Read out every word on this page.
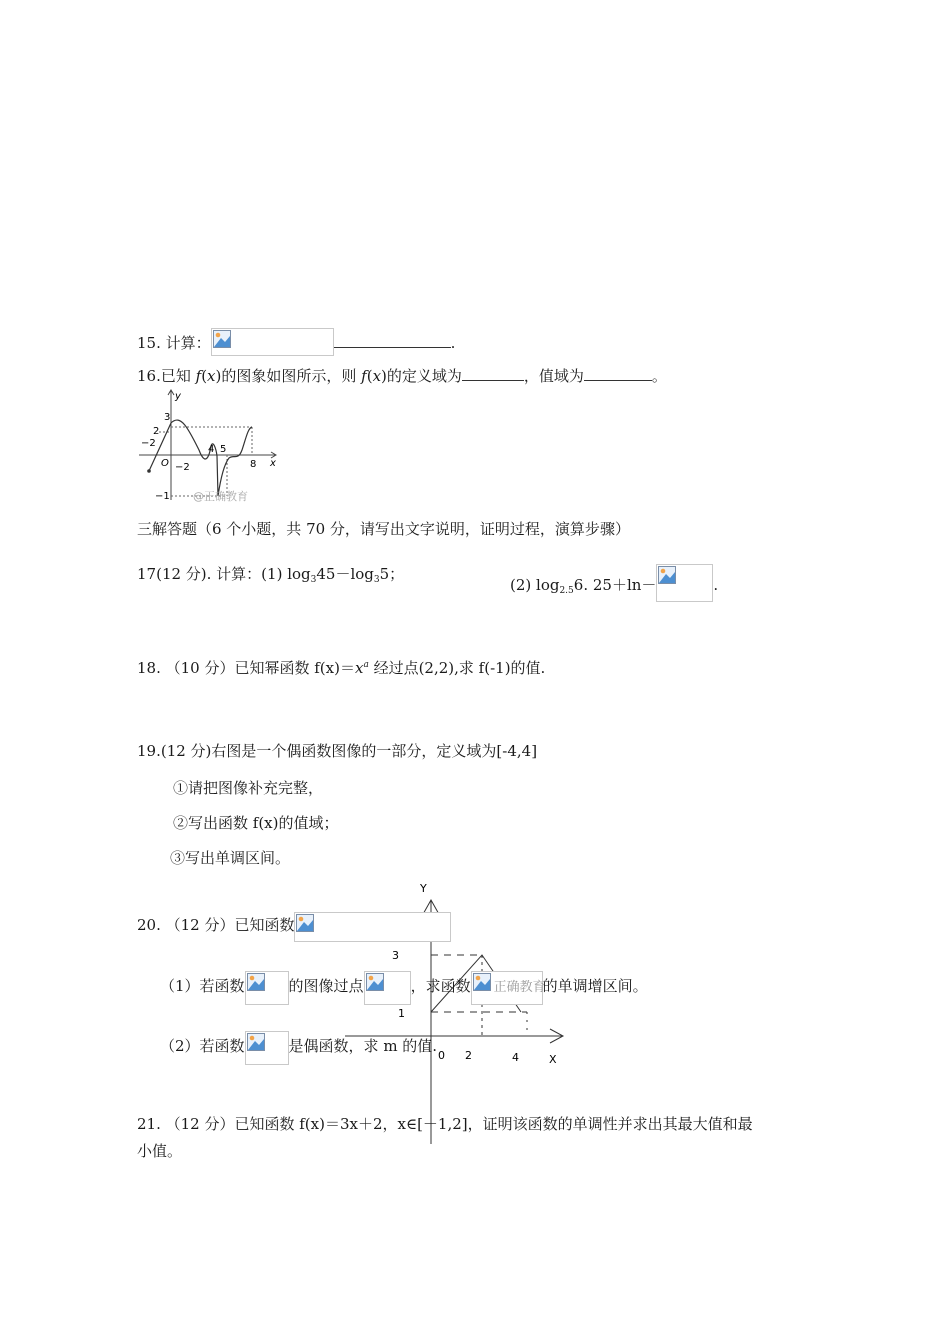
15. 计算：	.
16.已知 f(x)的图象如图所示，则 f(x)的定义域为	，值域为	。
y
x
O
3
2
−2
−2
4 5
8
−1 @正确教育
三解答题（6 个小题，共 70 分，请写出文字说明，证明过程，演算步骤）
17(12 分). 计算：(1) $\log_345-\log_35$；
(2) $\log_{2.5}6$. 25＋ln－	.
18. （10 分）已知幂函数 $f(x)=x^a$ 经过点(2,2),求 f(-1)的值.
19.(12 分)右图是一个偶函数图像的一部分，定义域为[-4,4]
①请把图像补充完整，
②写出函数 f(x)的值域；
③写出单调区间。
Y
X
0 2	4
3
1
20. （12 分）已知函数
（1）若函数	的图像过点	，求函数 正确教育
的单调增区间。
（2）若函数	是偶函数，求 m 的值.
21. （12 分）已知函数 f(x)＝3x＋2，x∈[－1,2]，证明该函数的单调性并求出其最大值和最
小值。
